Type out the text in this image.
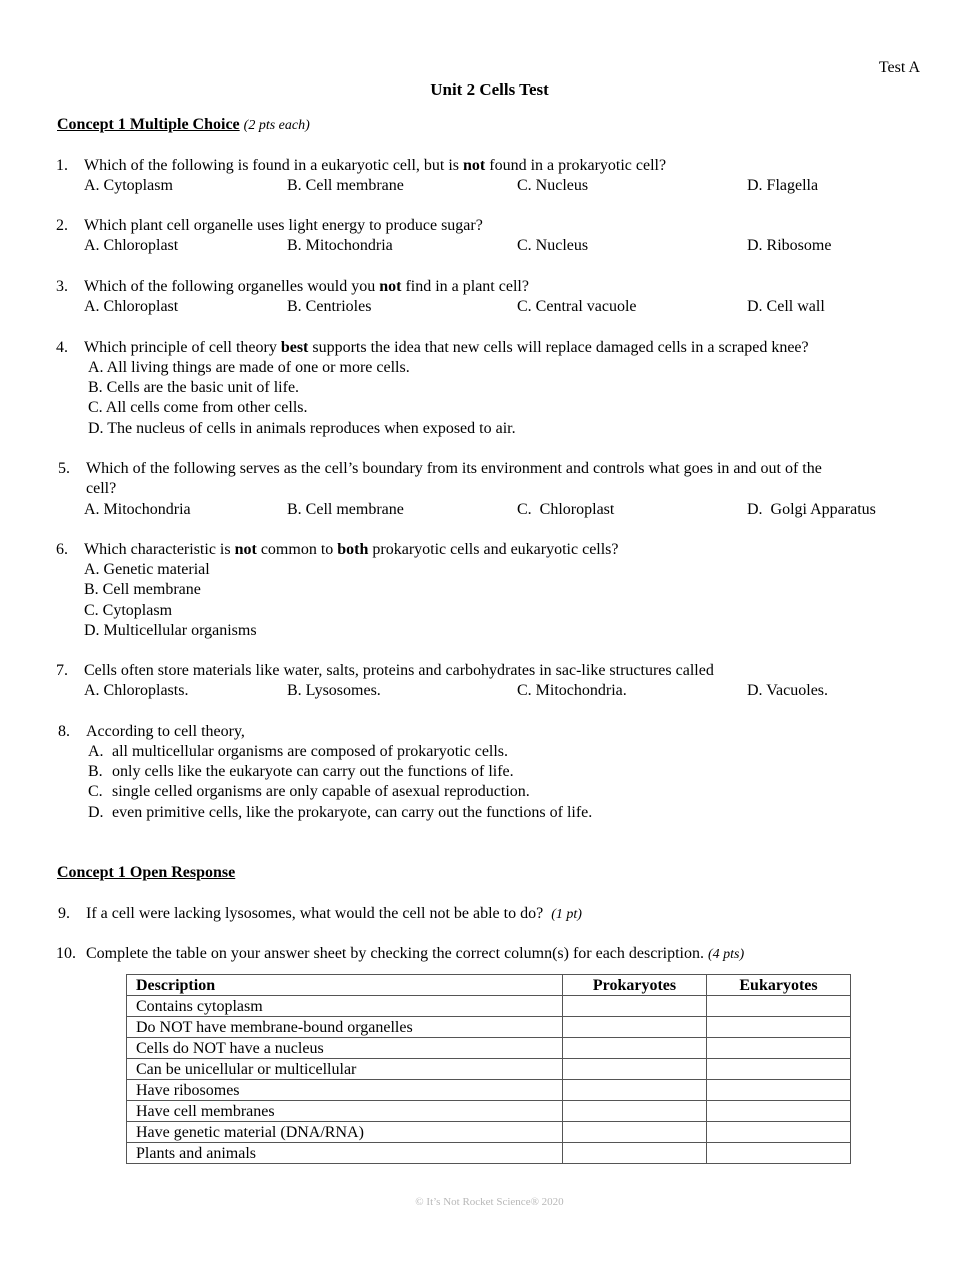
Test A
Unit 2 Cells Test
Concept 1 Multiple Choice (2 pts each)
1. Which of the following is found in a eukaryotic cell, but is not found in a prokaryotic cell?
A. Cytoplasm	B. Cell membrane	C. Nucleus	D. Flagella
2. Which plant cell organelle uses light energy to produce sugar?
A. Chloroplast	B. Mitochondria	C. Nucleus	D. Ribosome
3. Which of the following organelles would you not find in a plant cell?
A. Chloroplast	B. Centrioles	C. Central vacuole	D. Cell wall
4. Which principle of cell theory best supports the idea that new cells will replace damaged cells in a scraped knee?
A. All living things are made of one or more cells.
B. Cells are the basic unit of life.
C. All cells come from other cells.
D. The nucleus of cells in animals reproduces when exposed to air.
5. Which of the following serves as the cell’s boundary from its environment and controls what goes in and out of the
cell?
A. Mitochondria	B. Cell membrane	C.  Chloroplast	D.  Golgi Apparatus
6. Which characteristic is not common to both prokaryotic cells and eukaryotic cells?
A. Genetic material
B. Cell membrane
C. Cytoplasm
D. Multicellular organisms
7. Cells often store materials like water, salts, proteins and carbohydrates in sac-like structures called
A. Chloroplasts.	B. Lysosomes.	C. Mitochondria.	D. Vacuoles.
8. According to cell theory,
A. all multicellular organisms are composed of prokaryotic cells.
B. only cells like the eukaryote can carry out the functions of life.
C. single celled organisms are only capable of asexual reproduction.
D. even primitive cells, like the prokaryote, can carry out the functions of life.
Concept 1 Open Response
9. If a cell were lacking lysosomes, what would the cell not be able to do? (1 pt)
10. Complete the table on your answer sheet by checking the correct column(s) for each description. (4 pts)
Description	Prokaryotes	Eukaryotes
Contains cytoplasm		
Do NOT have membrane-bound organelles		
Cells do NOT have a nucleus		
Can be unicellular or multicellular		
Have ribosomes		
Have cell membranes		
Have genetic material (DNA/RNA)		
Plants and animals		
© It’s Not Rocket Science® 2020
